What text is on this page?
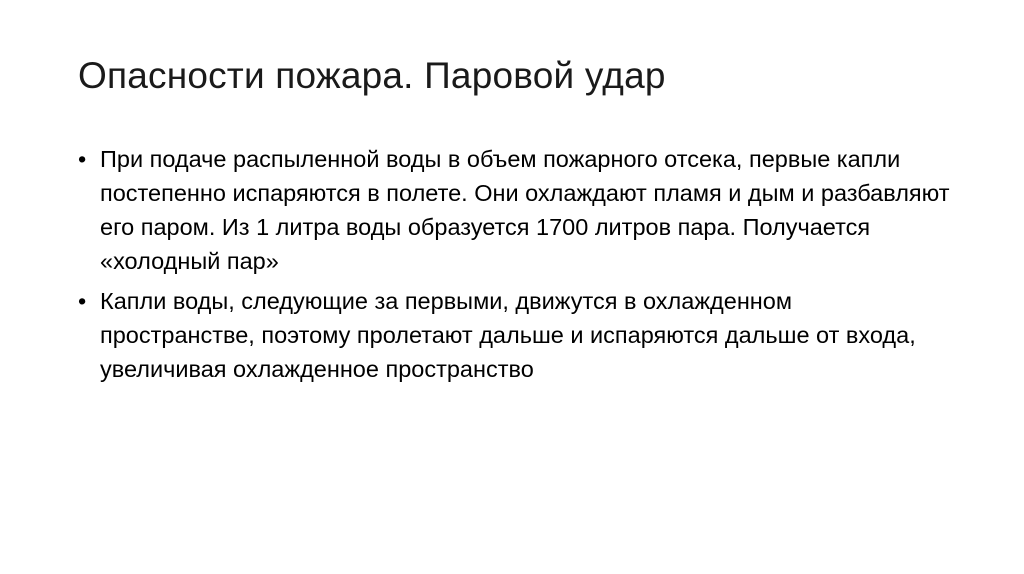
Опасности пожара. Паровой удар
• При подаче распыленной воды в объем пожарного отсека, первые капли постепенно испаряются в полете. Они охлаждают пламя и дым и разбавляют его паром. Из 1 литра воды образуется 1700 литров пара. Получается «холодный пар»
• Капли воды, следующие за первыми, движутся в охлажденном пространстве, поэтому пролетают дальше и испаряются дальше от входа, увеличивая охлажденное пространство
